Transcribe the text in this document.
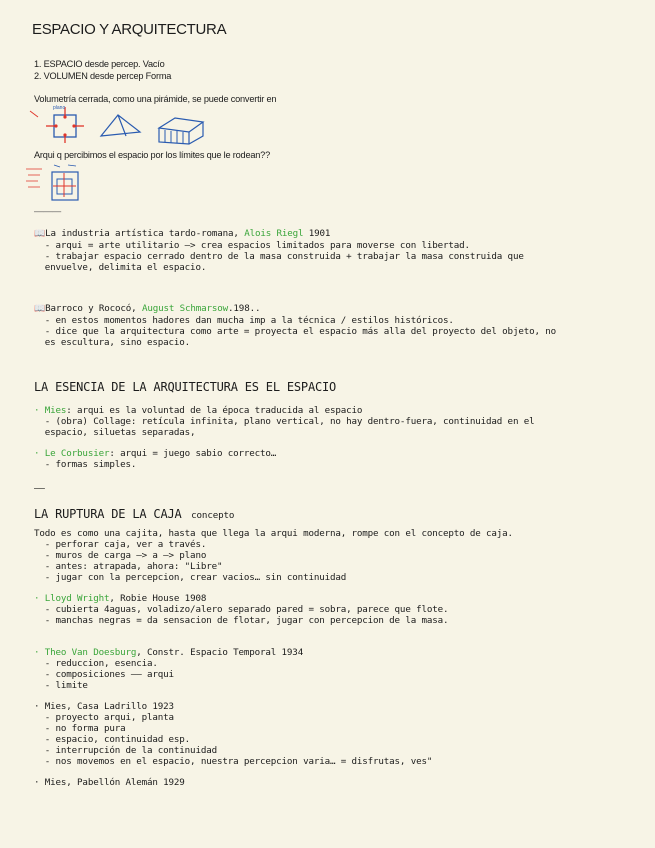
ESPACIO Y ARQUITECTURA
1. ESPACIO desde percep. Vacío
2. VOLUMEN desde percep Forma
Volumetría cerrada, como una pirámide, se puede convertir en
plano
Arqui q percibimos el espacio por los límites que le rodean??
———
📖La industria artística tardo-romana, Alois Riegl 1901
- arqui = arte utilitario —> crea espacios limitados para moverse con libertad.
- trabajar espacio cerrado dentro de la masa construida + trabajar la masa construida que
envuelve, delimita el espacio.
📖Barroco y Rococó, August Schmarsow.198..
- en estos momentos hadores dan mucha imp a la técnica / estilos históricos.
- dice que la arquitectura como arte = proyecta el espacio más alla del proyecto del objeto, no
es escultura, sino espacio.
LA ESENCIA DE LA ARQUITECTURA ES EL ESPACIO
· Mies: arqui es la voluntad de la época traducida al espacio
- (obra) Collage: retícula infinita, plano vertical, no hay dentro-fuera, continuidad en el
espacio, siluetas separadas,
· Le Corbusier: arqui = juego sabio correcto…
- formas simples.
——
LA RUPTURA DE LA CAJA concepto
Todo es como una cajita, hasta que llega la arqui moderna, rompe con el concepto de caja.
- perforar caja, ver a través.
- muros de carga —> a —> plano
- antes: atrapada, ahora: "Libre"
- jugar con la percepcion, crear vacios… sin continuidad
· Lloyd Wright, Robie House 1908
- cubierta 4aguas, voladizo/alero separado pared = sobra, parece que flote.
- manchas negras = da sensacion de flotar, jugar con percepcion de la masa.
· Theo Van Doesburg, Constr. Espacio Temporal 1934
- reduccion, esencia.
- composiciones —— arqui
- limite
· Mies, Casa Ladrillo 1923
- proyecto arqui, planta
- no forma pura
- espacio, continuidad esp.
- interrupción de la continuidad
- nos movemos en el espacio, nuestra percepcion varia… = disfrutas, ves"
· Mies, Pabellón Alemán 1929
